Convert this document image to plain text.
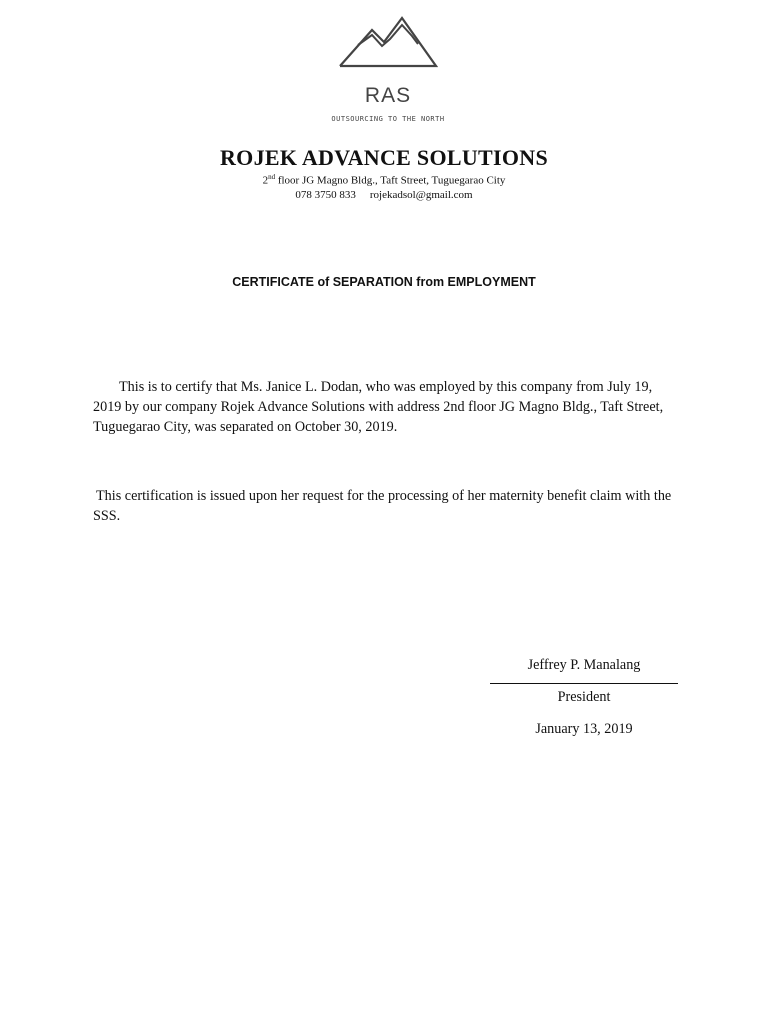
RAS
OUTSOURCING TO THE NORTH
ROJEK ADVANCE SOLUTIONS
2nd floor JG Magno Bldg., Taft Street, Tuguegarao City
078 3750 833 rojekadsol@gmail.com
CERTIFICATE of SEPARATION from EMPLOYMENT
This is to certify that Ms. Janice L. Dodan, who was employed by this company from July 19, 2019 by our company Rojek Advance Solutions with address 2nd floor JG Magno Bldg., Taft Street, Tuguegarao City, was separated on October 30, 2019.
This certification is issued upon her request for the processing of her maternity benefit claim with the SSS.
Jeffrey P. Manalang
President
January 13, 2019
